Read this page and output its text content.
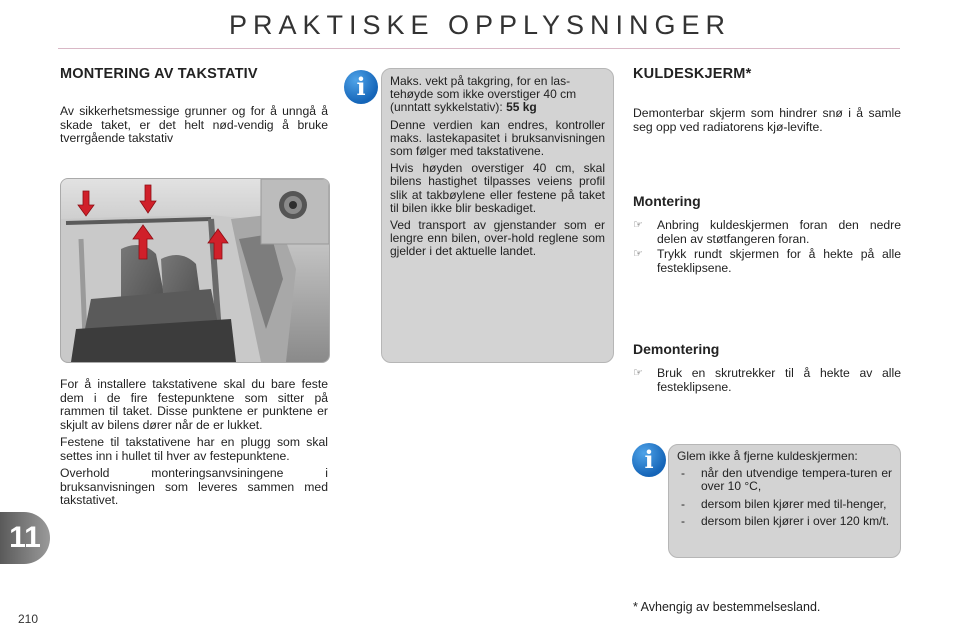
PRAKTISKE OPPLYSNINGER
MONTERING AV TAKSTATIV
Av sikkerhetsmessige grunner og for å unngå å skade taket, er det helt nød-vendig å bruke tverrgående takstativ

For å installere takstativene skal du bare feste dem i de fire festepunktene som sitter på rammen til taket. Disse punktene er punktene er skjult av bilens dører når de er lukket.

Festene til takstativene har en plugg som skal settes inn i hullet til hver av festepunktene.

Overhold monteringsanvsiningene i bruksanvisningen som leveres sammen med takstativet.

i	Maks. vekt på takgring, for en las-tehøyde som ikke overstiger 40 cm (unntatt sykkelstativ): 55 kg

Denne verdien kan endres, kontroller maks. lastekapasitet i bruksanvisningen som følger med takstativene.

Hvis høyden overstiger 40 cm, skal bilens hastighet tilpasses veiens profil slik at takbøylene eller festene på taket til bilen ikke blir beskadiget.

Ved transport av gjenstander som er lengre enn bilen, over-hold reglene som gjelder i det aktuelle landet.

KULDESKJERM*
Demonterbar skjerm som hindrer snø i å samle seg opp ved radiatorens kjø-levifte.
Montering
☞ Anbring kuldeskjermen foran den nedre delen av støtfangeren foran.
☞ Trykk rundt skjermen for å hekte på alle festeklipsene.
Demontering
☞ Bruk en skrutrekker til å hekte av alle festeklipsene.
i	Glem ikke å fjerne kuldeskjermen:

- når den utvendige tempera-turen er over 10 °C,
- dersom bilen kjører med til-henger,
- dersom bilen kjører i over 120 km/t.
* Avhengig av bestemmelsesland.
11
210
